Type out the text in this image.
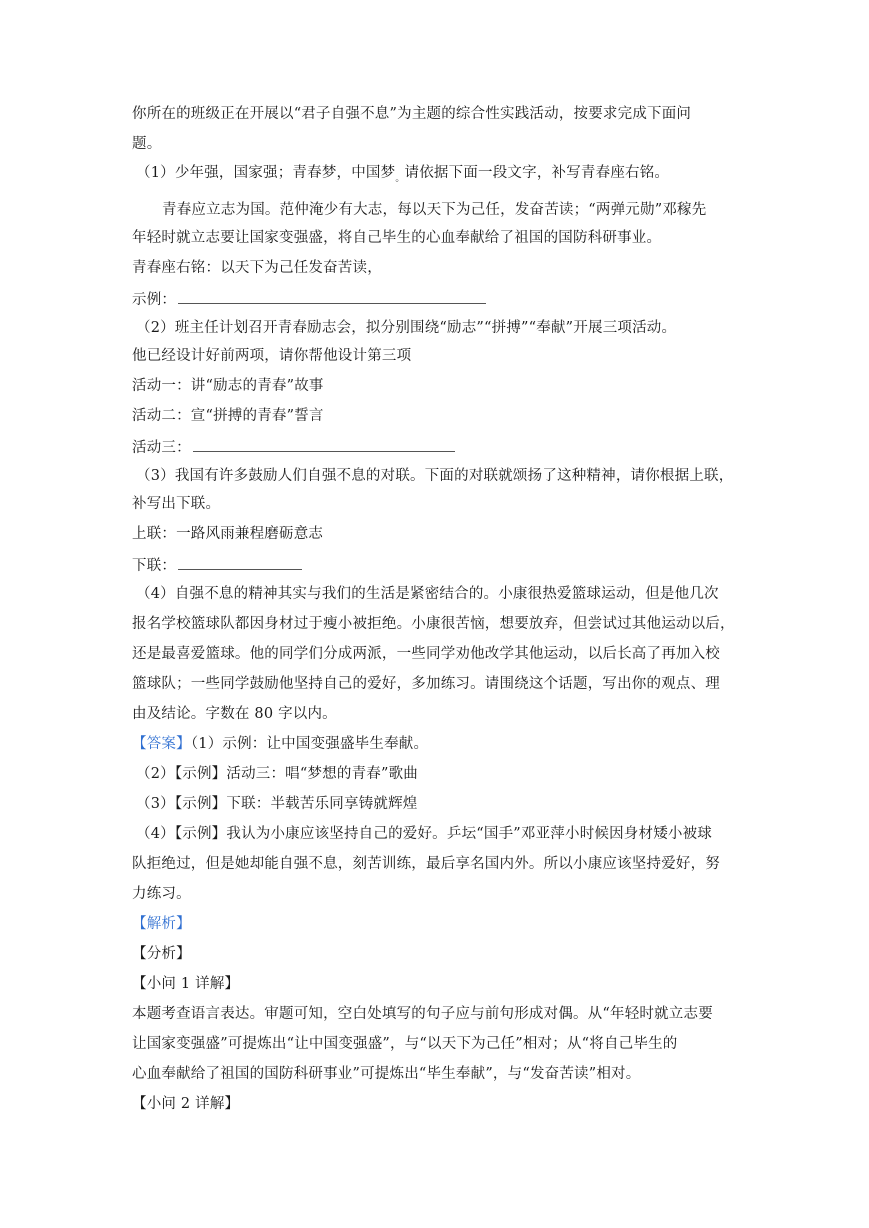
你所在的班级正在开展以“君子自强不息”为主题的综合性实践活动，按要求完成下面问
题。
（1）少年强，国家强；青春梦，中国梦$_。$请依据下面一段文字，补写青春座右铭。
青春应立志为国。范仲淹少有大志，每以天下为己任，发奋苦读；“两弹元勋”邓稼先
年轻时就立志要让国家变强盛，将自己毕生的心血奉献给了祖国的国防科研事业。
青春座右铭：以天下为己任发奋苦读，
示例：
（2）班主任计划召开青春励志会，拟分别围绕“励志”“拼搏”“奉献”开展三项活动。
他已经设计好前两项，请你帮他设计第三项
活动一：讲“励志的青春”故事
活动二：宣“拼搏的青春”誓言
活动三：
（3）我国有许多鼓励人们自强不息的对联。下面的对联就颂扬了这种精神，请你根据上联，
补写出下联。
上联：一路风雨兼程磨砺意志
下联：
（4）自强不息的精神其实与我们的生活是紧密结合的。小康很热爱篮球运动，但是他几次
报名学校篮球队都因身材过于瘦小被拒绝。小康很苦恼，想要放弃，但尝试过其他运动以后，
还是最喜爱篮球。他的同学们分成两派，一些同学劝他改学其他运动，以后长高了再加入校
篮球队；一些同学鼓励他坚持自己的爱好，多加练习。请围绕这个话题，写出你的观点、理
由及结论。字数在 80 字以内。
【答案】（1）示例：让中国变强盛毕生奉献。
（2）【示例】活动三：唱“梦想的青春”歌曲
（3）【示例】下联：半载苦乐同享铸就辉煌
（4）【示例】我认为小康应该坚持自己的爱好。乒坛“国手”邓亚萍小时候因身材矮小被球
队拒绝过，但是她却能自强不息，刻苦训练，最后享名国内外。所以小康应该坚持爱好，努
力练习。
【解析】
【分析】
【小问 1 详解】
本题考查语言表达。审题可知，空白处填写的句子应与前句形成对偶。从“年轻时就立志要
让国家变强盛”可提炼出“让中国变强盛”，与“以天下为己任”相对；从“将自己毕生的
心血奉献给了祖国的国防科研事业”可提炼出“毕生奉献”，与“发奋苦读”相对。
【小问 2 详解】
